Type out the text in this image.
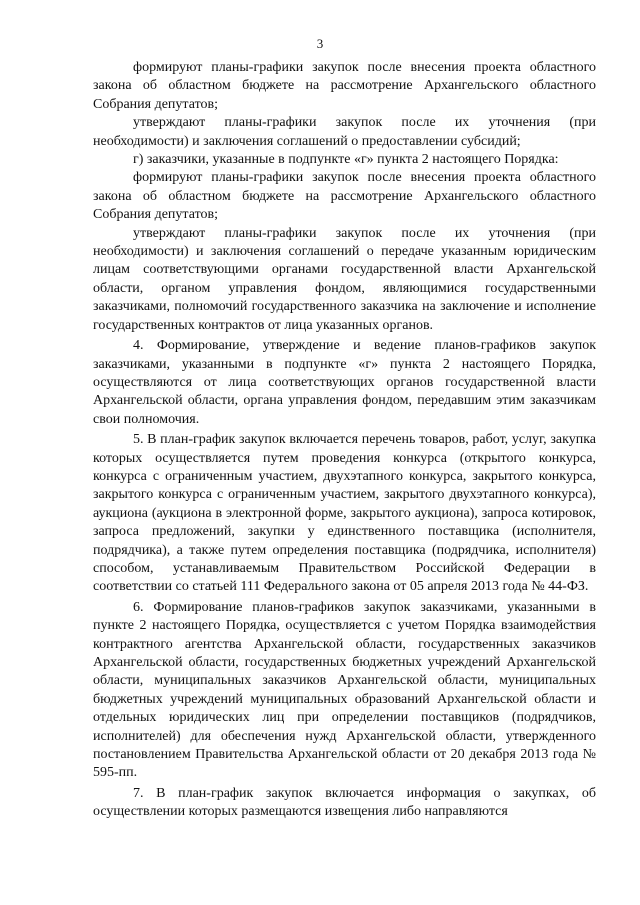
3

формируют планы-графики закупок после внесения проекта областного закона об областном бюджете на рассмотрение Архангельского областного Собрания депутатов;

утверждают планы-графики закупок после их уточнения (при необходимости) и заключения соглашений о предоставлении субсидий;

г) заказчики, указанные в подпункте «г» пункта 2 настоящего Порядка:

формируют планы-графики закупок после внесения проекта областного закона об областном бюджете на рассмотрение Архангельского областного Собрания депутатов;

утверждают планы-графики закупок после их уточнения (при необходимости) и заключения соглашений о передаче указанным юридическим лицам соответствующими органами государственной власти Архангельской области, органом управления фондом, являющимися государственными заказчиками, полномочий государственного заказчика на заключение и исполнение государственных контрактов от лица указанных органов.

4. Формирование, утверждение и ведение планов-графиков закупок заказчиками, указанными в подпункте «г» пункта 2 настоящего Порядка, осуществляются от лица соответствующих органов государственной власти Архангельской области, органа управления фондом, передавшим этим заказчикам свои полномочия.

5. В план-график закупок включается перечень товаров, работ, услуг, закупка которых осуществляется путем проведения конкурса (открытого конкурса, конкурса с ограниченным участием, двухэтапного конкурса, закрытого конкурса, закрытого конкурса с ограниченным участием, закрытого двухэтапного конкурса), аукциона (аукциона в электронной форме, закрытого аукциона), запроса котировок, запроса предложений, закупки у единственного поставщика (исполнителя, подрядчика), а также путем определения поставщика (подрядчика, исполнителя) способом, устанавливаемым Правительством Российской Федерации в соответствии со статьей 111 Федерального закона от 05 апреля 2013 года № 44-ФЗ.

6. Формирование планов-графиков закупок заказчиками, указанными в пункте 2 настоящего Порядка, осуществляется с учетом Порядка взаимодействия контрактного агентства Архангельской области, государственных заказчиков Архангельской области, государственных бюджетных учреждений Архангельской области, муниципальных заказчиков Архангельской области, муниципальных бюджетных учреждений муниципальных образований Архангельской области и отдельных юридических лиц при определении поставщиков (подрядчиков, исполнителей) для обеспечения нужд Архангельской области, утвержденного постановлением Правительства Архангельской области от 20 декабря 2013 года № 595-пп.

7. В план-график закупок включается информация о закупках, об осуществлении которых размещаются извещения либо направляются
